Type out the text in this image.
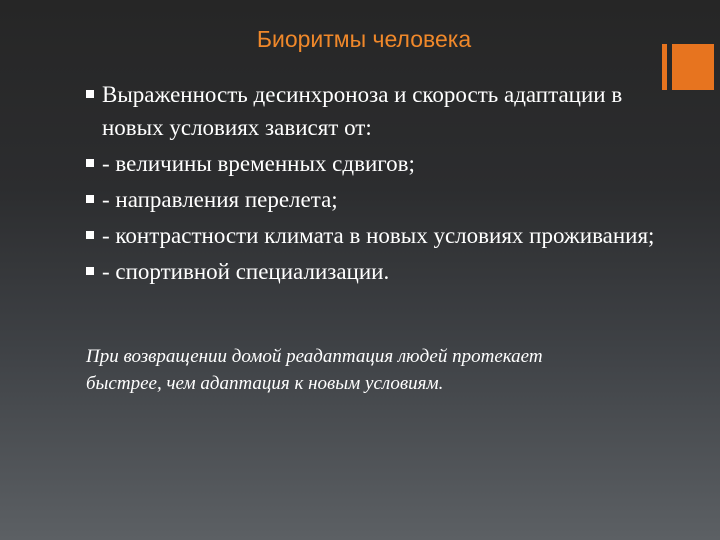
Биоритмы человека
Выраженность десинхроноза и скорость адаптации в новых условиях зависят от:
- величины временных сдвигов;
- направления перелета;
- контрастности климата в новых условиях проживания;
- спортивной специализации.
При возвращении домой реадаптация людей протекает быстрее, чем адаптация к новым условиям.
